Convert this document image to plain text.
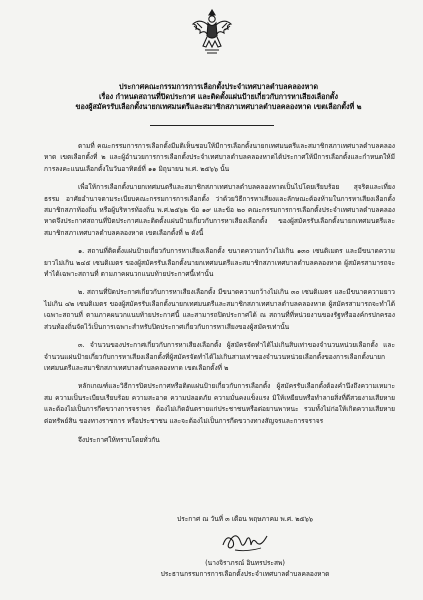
ประกาศคณะกรรมการการเลือกตั้งประจำเทศบาลตำบลคลองหาด
เรื่อง กำหนดสถานที่ปิดประกาศ และติดตั้งแผ่นป้ายเกี่ยวกับการหาเสียงเลือกตั้ง
ของผู้สมัครรับเลือกตั้งนายกเทศมนตรีและสมาชิกสภาเทศบาลตำบลคลองหาด เขตเลือกตั้งที่ ๒

ตามที่ คณะกรรมการการเลือกตั้งมีมติเห็นชอบให้มีการเลือกตั้งนายกเทศมนตรีและสมาชิกสภาเทศบาลตำบลคลองหาด เขตเลือกตั้งที่ ๒ และผู้อำนวยการการเลือกตั้งประจำเทศบาลตำบลคลองหาดได้ประกาศให้มีการเลือกตั้งและกำหนดให้มีการลงคะแนนเลือกตั้งในวันอาทิตย์ที่ ๑๑ มิถุนายน พ.ศ. ๒๕๖๖ นั้น

เพื่อให้การเลือกตั้งนายกเทศมนตรีและสมาชิกสภาเทศบาลตำบลคลองหาดเป็นไปโดยเรียบร้อย สุจริตและเที่ยงธรรม อาศัยอำนาจตามระเบียบคณะกรรมการการเลือกตั้ง ว่าด้วยวิธีการหาเสียงและลักษณะต้องห้ามในการหาเสียงเลือกตั้งสมาชิกสภาท้องถิ่น หรือผู้บริหารท้องถิ่น พ.ศ.๒๕๖๒ ข้อ ๑๙ และข้อ ๒๐ คณะกรรมการการเลือกตั้งประจำเทศบาลตำบลคลองหาดจึงประกาศสถานที่ปิดประกาศและติดตั้งแผ่นป้ายเกี่ยวกับการหาเสียงเลือกตั้ง ของผู้สมัครรับเลือกตั้งนายกเทศมนตรีและสมาชิกสภาเทศบาลตำบลคลองหาด เขตเลือกตั้งที่ ๒ ดังนี้

๑. สถานที่ติดตั้งแผ่นป้ายเกี่ยวกับการหาเสียงเลือกตั้ง ขนาดความกว้างไม่เกิน ๑๓๐ เซนติเมตร และมีขนาดความยาวไม่เกิน ๒๔๕ เซนติเมตร ของผู้สมัครรับเลือกตั้งนายกเทศมนตรีและสมาชิกสภาเทศบาลตำบลคลองหาด ผู้สมัครสามารถจะทำได้เฉพาะสถานที่ ตามภาคผนวกแนบท้ายประกาศนี้เท่านั้น

๒. สถานที่ปิดประกาศเกี่ยวกับการหาเสียงเลือกตั้ง มีขนาดความกว้างไม่เกิน ๓๐ เซนติเมตร และมีขนาดความยาวไม่เกิน ๔๒ เซนติเมตร ของผู้สมัครรับเลือกตั้งนายกเทศมนตรีและสมาชิกสภาเทศบาลตำบลคลองหาด ผู้สมัครสามารถจะทำได้เฉพาะสถานที่ ตามภาคผนวกแนบท้ายประกาศนี้ และสามารถปิดประกาศได้ ณ สถานที่ที่หน่วยงานของรัฐหรือองค์กรปกครองส่วนท้องถิ่นจัดไว้เป็นการเฉพาะสำหรับปิดประกาศเกี่ยวกับการหาเสียงของผู้สมัครเท่านั้น

๓. จำนวนของประกาศเกี่ยวกับการหาเสียงเลือกตั้ง ผู้สมัครจัดทำได้ไม่เกินสิบเท่าของจำนวนหน่วยเลือกตั้ง และจำนวนแผ่นป้ายเกี่ยวกับการหาเสียงเลือกตั้งที่ผู้สมัครจัดทำได้ไม่เกินสามเท่าของจำนวนหน่วยเลือกตั้งของการเลือกตั้งนายกเทศมนตรีและสมาชิกสภาเทศบาลตำบลคลองหาด เขตเลือกตั้งที่ ๒

หลักเกณฑ์และวิธีการปิดประกาศหรือติดแผ่นป้ายเกี่ยวกับการเลือกตั้ง ผู้สมัครรับเลือกตั้งต้องคำนึงถึงความเหมาะสม ความเป็นระเบียบเรียบร้อย ความสะอาด ความปลอดภัย ความมั่นคงแข็งแรง มิให้เหยียบหรือทำลายสิ่งที่ดีสวยงามเสียหาย และต้องไม่เป็นการกีดขวางการจราจร ต้องไม่เกิดอันตรายแก่ประชาชนหรือต่อยานพาหนะ รวมทั้งไม่ก่อให้เกิดความเสียหายต่อทรัพย์สิน ของทางราชการ หรือประชาชน และจะต้องไม่เป็นการกีดขวางทางสัญจรและการจราจร

จึงประกาศให้ทราบโดยทั่วกัน

ประกาศ ณ วันที่ ๓ เดือน พฤษภาคม พ.ศ. ๒๕๖๖
(นางจิราภรณ์ อินทรประสพ)
ประธานกรรมการการเลือกตั้งประจำเทศบาลตำบลคลองหาด
